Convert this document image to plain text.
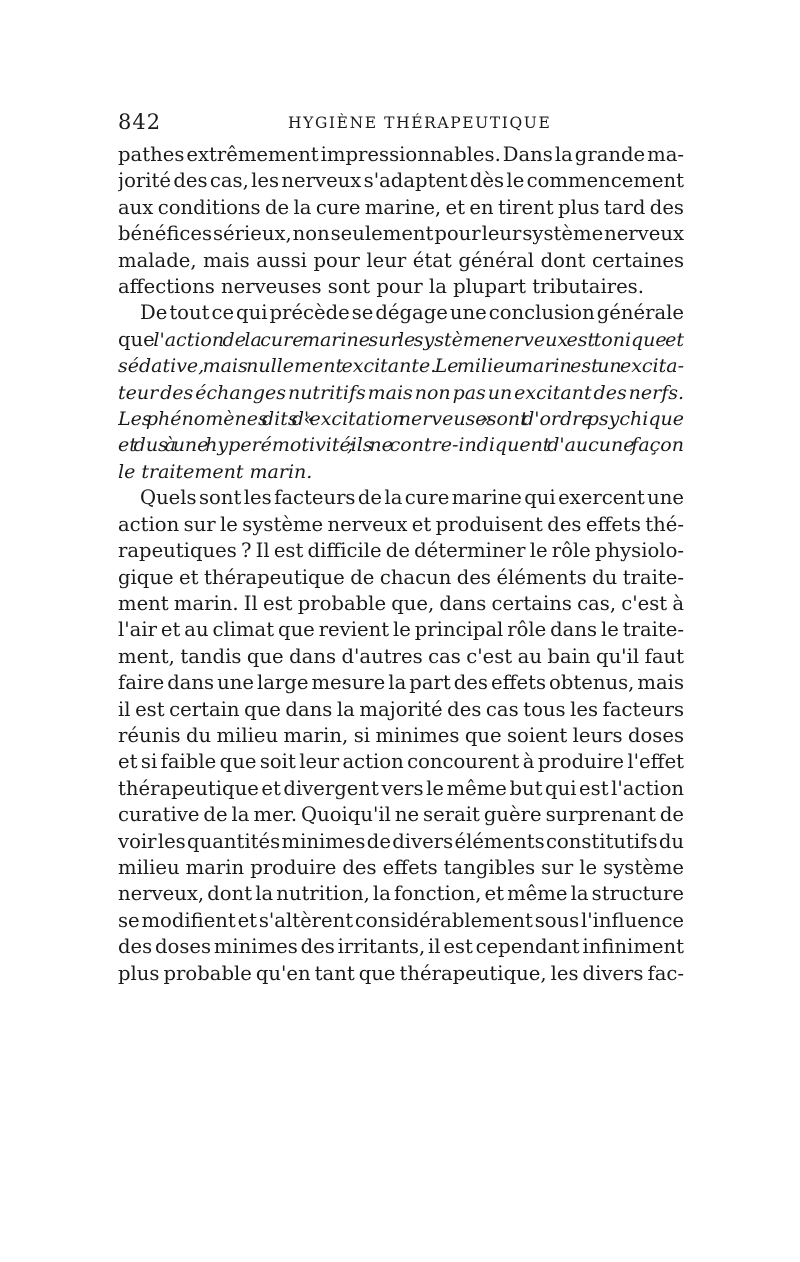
842	HYGIÈNE THÉRAPEUTIQUE
pathes extrêmement impressionnables. Dans la grande ma-
jorité des cas, les nerveux s'adaptent dès le commencement
aux conditions de la cure marine, et en tirent plus tard des
bénéfices sérieux, non seulement pour leur système nerveux
malade, mais aussi pour leur état général dont certaines
affections nerveuses sont pour la plupart tributaires.
De tout ce qui précède se dégage une conclusion générale
que l'action de la cure marine sur le système nerveux est tonique et
sédative, mais nullement excitante. Le milieu marin est un excita-
teur des échanges nutritifs mais non pas un excitant des nerfs.
Les phénomènes dits d' « excitation nerveuse » sont d'ordre psychique
et dus à une hyperémotivité ; ils ne contre-indiquent d'aucune façon
le traitement marin.
Quels sont les facteurs de la cure marine qui exercent une
action sur le système nerveux et produisent des effets thé-
rapeutiques ? Il est difficile de déterminer le rôle physiolo-
gique et thérapeutique de chacun des éléments du traite-
ment marin. Il est probable que, dans certains cas, c'est à
l'air et au climat que revient le principal rôle dans le traite-
ment, tandis que dans d'autres cas c'est au bain qu'il faut
faire dans une large mesure la part des effets obtenus, mais
il est certain que dans la majorité des cas tous les facteurs
réunis du milieu marin, si minimes que soient leurs doses
et si faible que soit leur action concourent à produire l'effet
thérapeutique et divergent vers le même but qui est l'action
curative de la mer. Quoiqu'il ne serait guère surprenant de
voir les quantités minimes de divers éléments constitutifs du
milieu marin produire des effets tangibles sur le système
nerveux, dont la nutrition, la fonction, et même la structure
se modifient et s'altèrent considérablement sous l'influence
des doses minimes des irritants, il est cependant infiniment
plus probable qu'en tant que thérapeutique, les divers fac-
